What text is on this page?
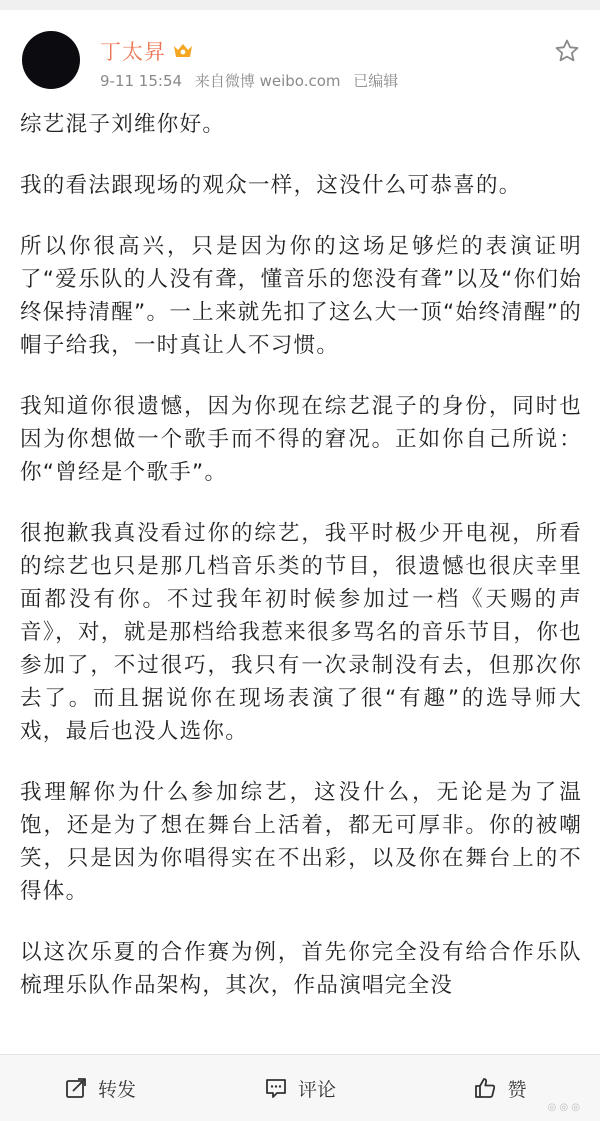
丁太昇
9-11 15:54 来自微博 weibo.com 已编辑

综艺混子刘维你好。

我的看法跟现场的观众一样，这没什么可恭喜的。

所以你很高兴，只是因为你的这场足够烂的表演证明了“爱乐队的人没有聋，懂音乐的您没有聋”以及“你们始终保持清醒”。一上来就先扣了这么大一顶“始终清醒”的帽子给我，一时真让人不习惯。

我知道你很遗憾，因为你现在综艺混子的身份，同时也因为你想做一个歌手而不得的窘况。正如你自己所说：你“曾经是个歌手”。

很抱歉我真没看过你的综艺，我平时极少开电视，所看的综艺也只是那几档音乐类的节目，很遗憾也很庆幸里面都没有你。不过我年初时候参加过一档《天赐的声音》，对，就是那档给我惹来很多骂名的音乐节目，你也参加了，不过很巧，我只有一次录制没有去，但那次你去了。而且据说你在现场表演了很“有趣”的选导师大戏，最后也没人选你。

我理解你为什么参加综艺，这没什么，无论是为了温饱，还是为了想在舞台上活着，都无可厚非。你的被嘲笑，只是因为你唱得实在不出彩，以及你在舞台上的不得体。

以这次乐夏的合作赛为例，首先你完全没有给合作乐队梳理乐队作品架构，其次，作品演唱完全没

转发	评论	赞
◎ ◎ ◎
